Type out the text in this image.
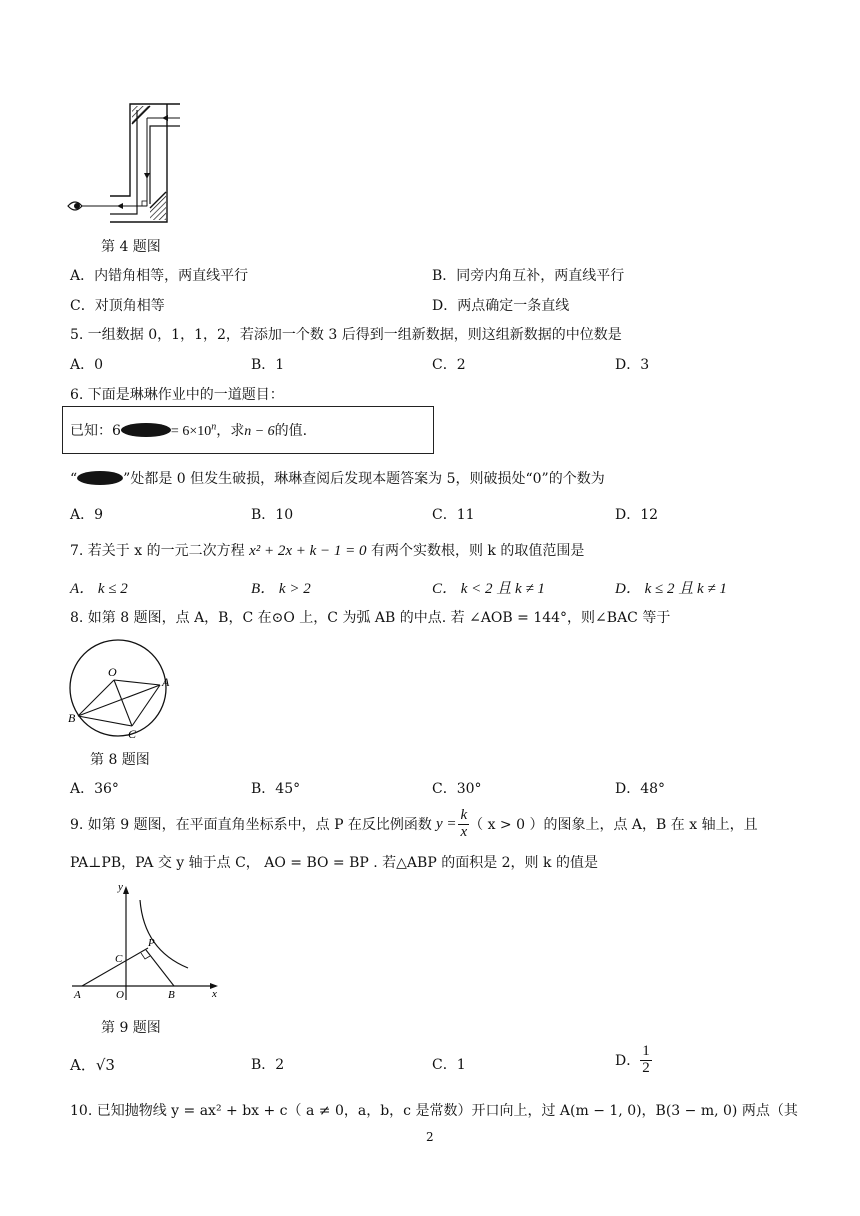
第 4 题图
A．内错角相等，两直线平行	B．同旁内角互补，两直线平行
C．对顶角相等	D．两点确定一条直线
5. 一组数据 0，1，1，2，若添加一个数 3 后得到一组新数据，则这组新数据的中位数是
A．0	B．1	C．2	D．3
6. 下面是琳琳作业中的一道题目：
已知：6	= $6\times 10^n$，求n − 6的值.
“	”处都是 0 但发生破损，琳琳查阅后发现本题答案为 5，则破损处“0”的个数为
A．9	B．10	C．11	D．12
7. 若关于 x 的一元二次方程 x² + 2x + k − 1 = 0 有两个实数根，则 k 的取值范围是
A． k ≤ 2	B． k > 2	C． k < 2 且 k ≠ 1	D． k ≤ 2 且 k ≠ 1
8. 如第 8 题图，点 A，B，C 在⊙O 上，C 为弧 AB 的中点. 若 ∠AOB = 144°，则∠BAC 等于
O
A
B
C
第 8 题图
A．36°	B．45°	C．30°	D．48°
9. 如第 9 题图，在平面直角坐标系中，点 P 在反比例函数 $y = \frac{k}{x}$ （ x > 0 ）的图象上，点 A，B 在 x 轴上，且
PA⊥PB，PA 交 y 轴于点 C， AO = BO = BP . 若△ABP 的面积是 2，则 k 的值是
y
x
P
C
A	O	B
第 9 题图
A．√3	B．2	C．1	D． $\frac{1}{2}$
10. 已知抛物线 y = ax² + bx + c（ a ≠ 0，a，b，c 是常数）开口向上，过 A(m − 1, 0)，B(3 − m, 0) 两点（其
2
